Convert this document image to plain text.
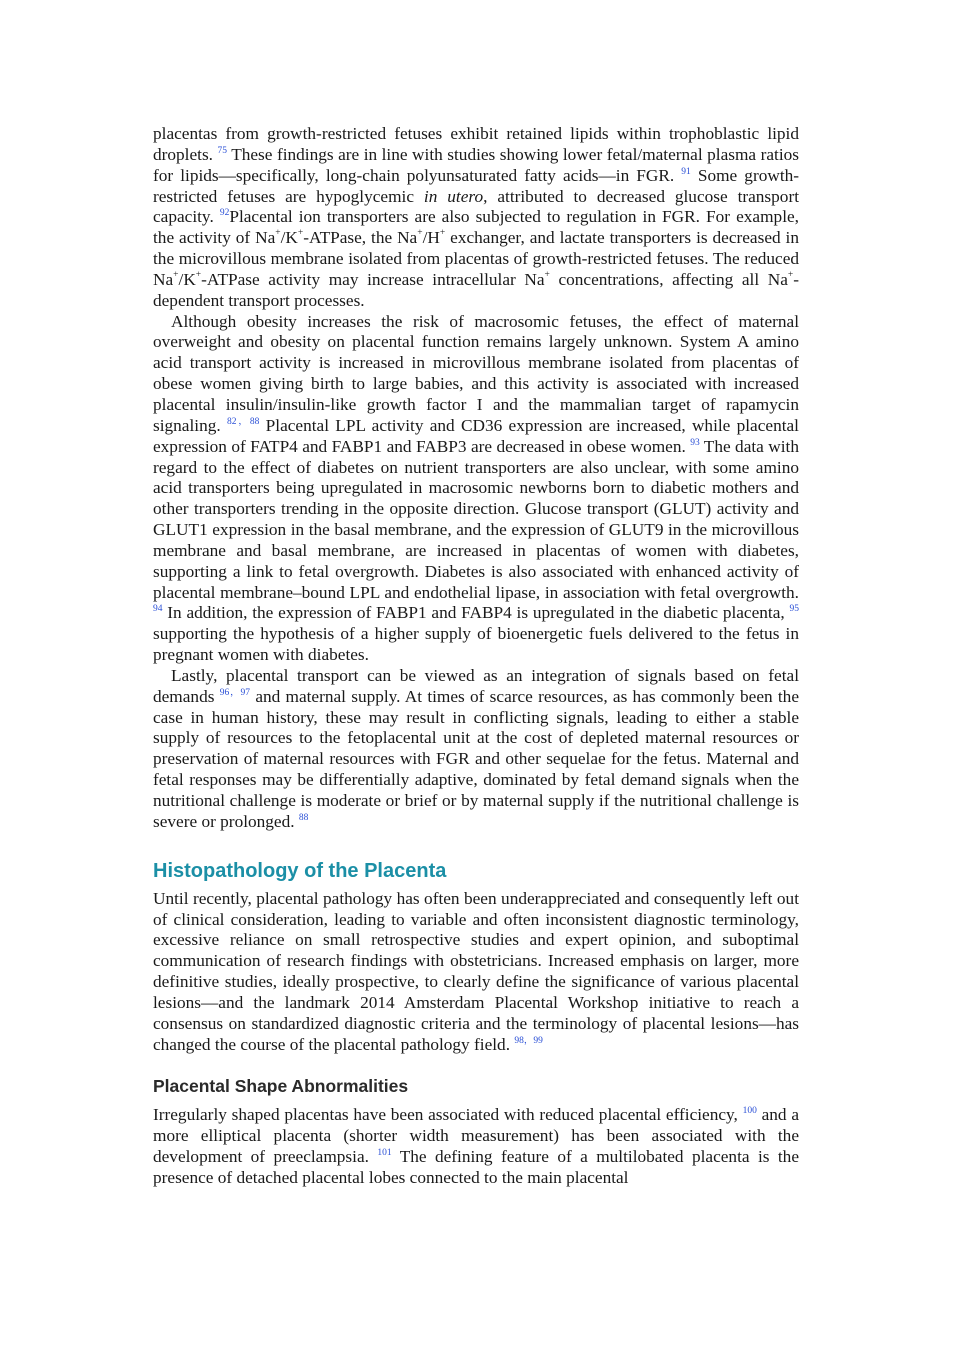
placentas from growth-restricted fetuses exhibit retained lipids within trophoblastic lipid droplets. $^{75}$ These findings are in line with studies showing lower fetal/maternal plasma ratios for lipids—specifically, long-chain polyunsaturated fatty acids—in FGR. $^{91}$ Some growth-restricted fetuses are hypoglycemic in utero, attributed to decreased glucose transport capacity. $^{92}$Placental ion transporters are also subjected to regulation in FGR. For example, the activity of Na+/K+-ATPase, the Na+/H+ exchanger, and lactate transporters is decreased in the microvillous membrane isolated from placentas of growth-restricted fetuses. The reduced Na+/K+-ATPase activity may increase intracellular Na+ concentrations, affecting all Na+-dependent transport processes.

Although obesity increases the risk of macrosomic fetuses, the effect of maternal overweight and obesity on placental function remains largely unknown. System A amino acid transport activity is increased in microvillous membrane isolated from placentas of obese women giving birth to large babies, and this activity is associated with increased placental insulin/insulin-like growth factor I and the mammalian target of rapamycin signaling. $^{82,88}$ Placental LPL activity and CD36 expression are increased, while placental expression of FATP4 and FABP1 and FABP3 are decreased in obese women. $^{93}$ The data with regard to the effect of diabetes on nutrient transporters are also unclear, with some amino acid transporters being upregulated in macrosomic newborns born to diabetic mothers and other transporters trending in the opposite direction. Glucose transport (GLUT) activity and GLUT1 expression in the basal membrane, and the expression of GLUT9 in the microvillous membrane and basal membrane, are increased in placentas of women with diabetes, supporting a link to fetal overgrowth. Diabetes is also associated with enhanced activity of placental membrane–bound LPL and endothelial lipase, in association with fetal overgrowth. $^{94}$ In addition, the expression of FABP1 and FABP4 is upregulated in the diabetic placenta, $^{95}$ supporting the hypothesis of a higher supply of bioenergetic fuels delivered to the fetus in pregnant women with diabetes.

Lastly, placental transport can be viewed as an integration of signals based on fetal demands $^{96,97}$ and maternal supply. At times of scarce resources, as has commonly been the case in human history, these may result in conflicting signals, leading to either a stable supply of resources to the fetoplacental unit at the cost of depleted maternal resources or preservation of maternal resources with FGR and other sequelae for the fetus. Maternal and fetal responses may be differentially adaptive, dominated by fetal demand signals when the nutritional challenge is moderate or brief or by maternal supply if the nutritional challenge is severe or prolonged. $^{88}$

Histopathology of the Placenta

Until recently, placental pathology has often been underappreciated and consequently left out of clinical consideration, leading to variable and often inconsistent diagnostic terminology, excessive reliance on small retrospective studies and expert opinion, and suboptimal communication of research findings with obstetricians. Increased emphasis on larger, more definitive studies, ideally prospective, to clearly define the significance of various placental lesions—and the landmark 2014 Amsterdam Placental Workshop initiative to reach a consensus on standardized diagnostic criteria and the terminology of placental lesions—has changed the course of the placental pathology field. $^{98,99}$

Placental Shape Abnormalities

Irregularly shaped placentas have been associated with reduced placental efficiency, $^{100}$ and a more elliptical placenta (shorter width measurement) has been associated with the development of preeclampsia. $^{101}$ The defining feature of a multilobated placenta is the presence of detached placental lobes connected to the main placental
